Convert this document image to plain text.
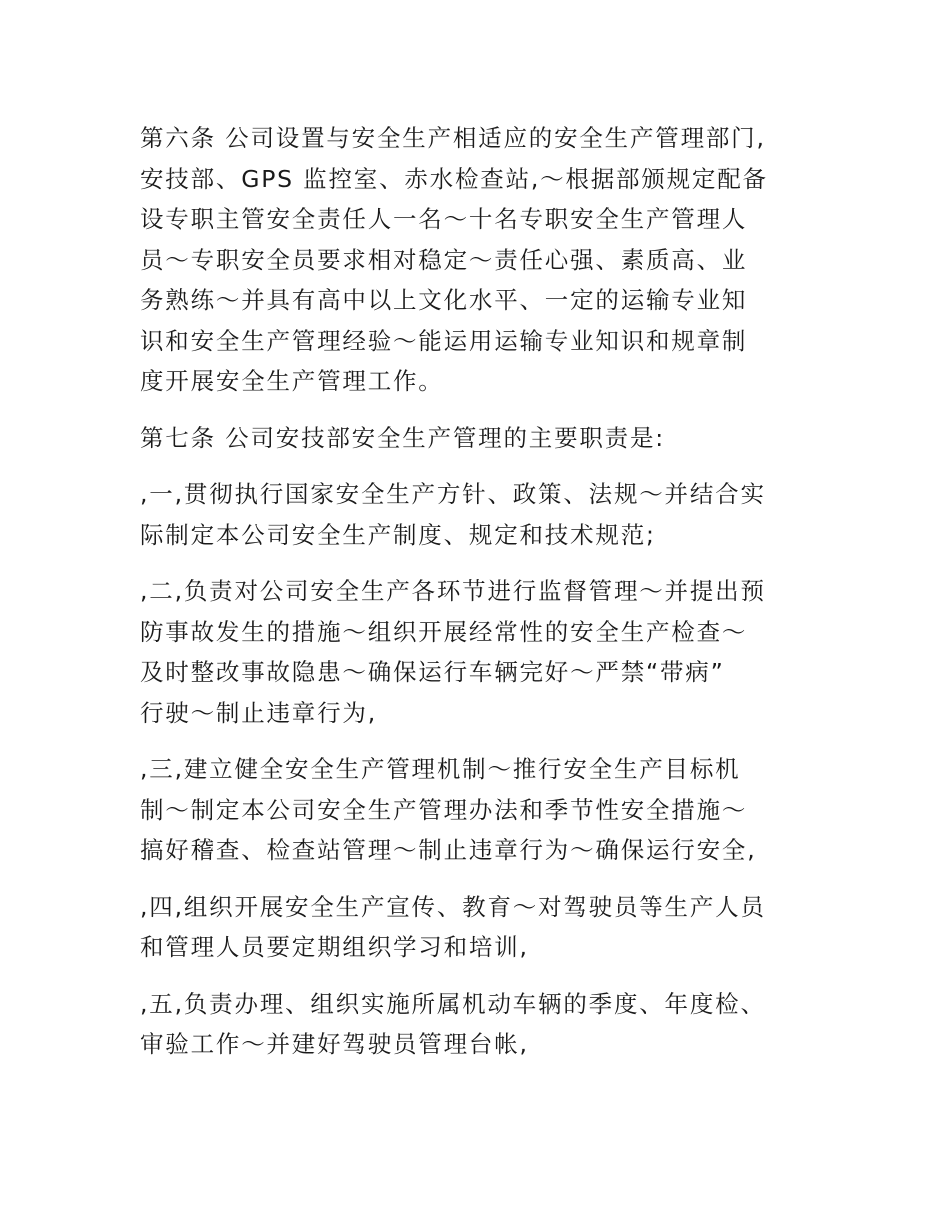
第六条 公司设置与安全生产相适应的安全生产管理部门,
安技部、GPS 监控室、赤水检查站,～根据部颁规定配备
设专职主管安全责任人一名～十名专职安全生产管理人
员～专职安全员要求相对稳定～责任心强、素质高、业
务熟练～并具有高中以上文化水平、一定的运输专业知
识和安全生产管理经验～能运用运输专业知识和规章制
度开展安全生产管理工作。

第七条 公司安技部安全生产管理的主要职责是:

,一,贯彻执行国家安全生产方针、政策、法规～并结合实
际制定本公司安全生产制度、规定和技术规范;

,二,负责对公司安全生产各环节进行监督管理～并提出预
防事故发生的措施～组织开展经常性的安全生产检查～
及时整改事故隐患～确保运行车辆完好～严禁“带病”
行驶～制止违章行为,

,三,建立健全安全生产管理机制～推行安全生产目标机
制～制定本公司安全生产管理办法和季节性安全措施～
搞好稽查、检查站管理～制止违章行为～确保运行安全,

,四,组织开展安全生产宣传、教育～对驾驶员等生产人员
和管理人员要定期组织学习和培训,

,五,负责办理、组织实施所属机动车辆的季度、年度检、
审验工作～并建好驾驶员管理台帐,
